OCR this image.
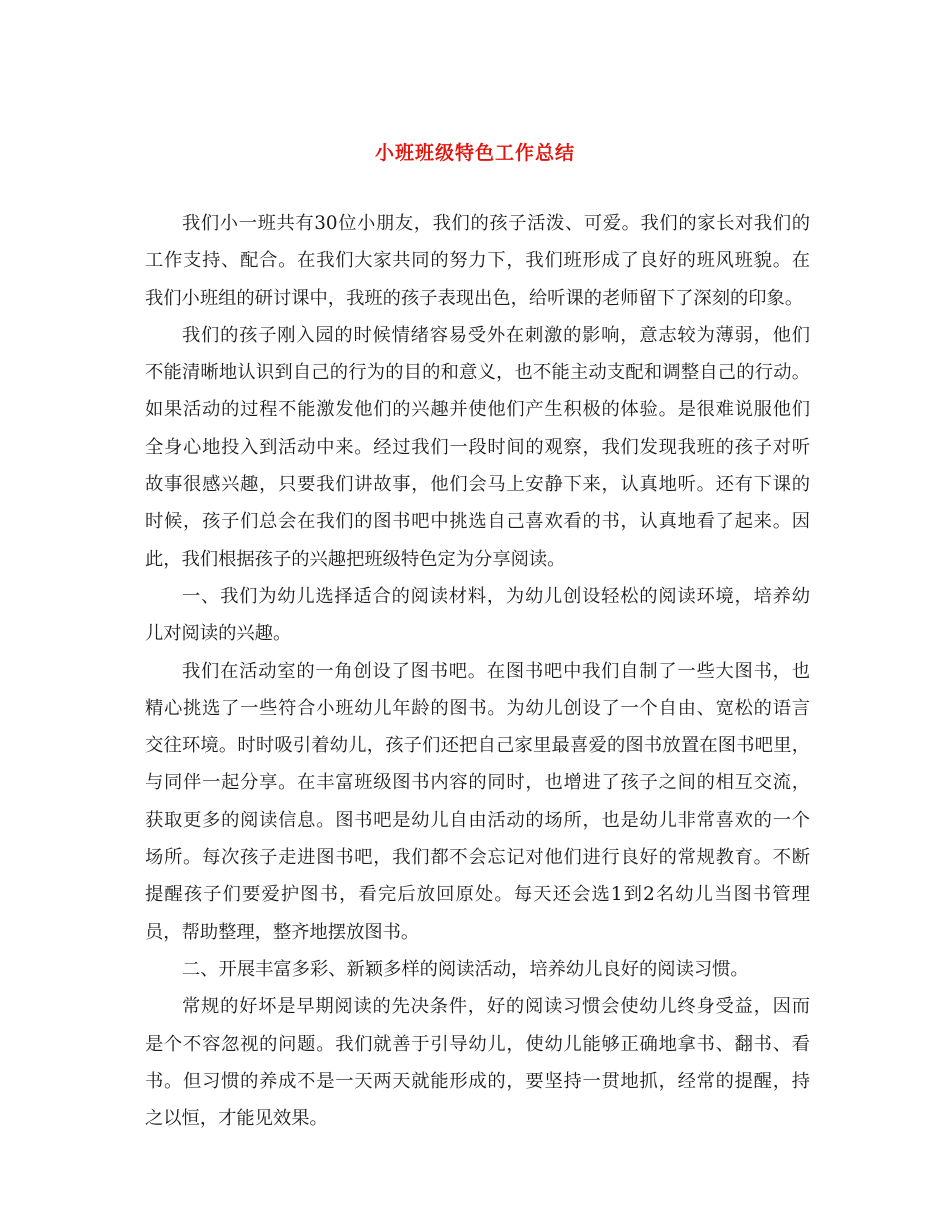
小班班级特色工作总结
我们小一班共有30位小朋友，我们的孩子活泼、可爱。我们的家长对我们的
工作支持、配合。在我们大家共同的努力下，我们班形成了良好的班风班貌。在
我们小班组的研讨课中，我班的孩子表现出色，给听课的老师留下了深刻的印象。
我们的孩子刚入园的时候情绪容易受外在刺激的影响，意志较为薄弱，他们
不能清晰地认识到自己的行为的目的和意义，也不能主动支配和调整自己的行动。
如果活动的过程不能激发他们的兴趣并使他们产生积极的体验。是很难说服他们
全身心地投入到活动中来。经过我们一段时间的观察，我们发现我班的孩子对听
故事很感兴趣，只要我们讲故事，他们会马上安静下来，认真地听。还有下课的
时候，孩子们总会在我们的图书吧中挑选自己喜欢看的书，认真地看了起来。因
此，我们根据孩子的兴趣把班级特色定为分享阅读。
一、我们为幼儿选择适合的阅读材料，为幼儿创设轻松的阅读环境，培养幼
儿对阅读的兴趣。
我们在活动室的一角创设了图书吧。在图书吧中我们自制了一些大图书，也
精心挑选了一些符合小班幼儿年龄的图书。为幼儿创设了一个自由、宽松的语言
交往环境。时时吸引着幼儿，孩子们还把自己家里最喜爱的图书放置在图书吧里，
与同伴一起分享。在丰富班级图书内容的同时，也增进了孩子之间的相互交流，
获取更多的阅读信息。图书吧是幼儿自由活动的场所，也是幼儿非常喜欢的一个
场所。每次孩子走进图书吧，我们都不会忘记对他们进行良好的常规教育。不断
提醒孩子们要爱护图书，看完后放回原处。每天还会选1到2名幼儿当图书管理
员，帮助整理，整齐地摆放图书。
二、开展丰富多彩、新颖多样的阅读活动，培养幼儿良好的阅读习惯。
常规的好坏是早期阅读的先决条件，好的阅读习惯会使幼儿终身受益，因而
是个不容忽视的问题。我们就善于引导幼儿，使幼儿能够正确地拿书、翻书、看
书。但习惯的养成不是一天两天就能形成的，要坚持一贯地抓，经常的提醒，持
之以恒，才能见效果。
